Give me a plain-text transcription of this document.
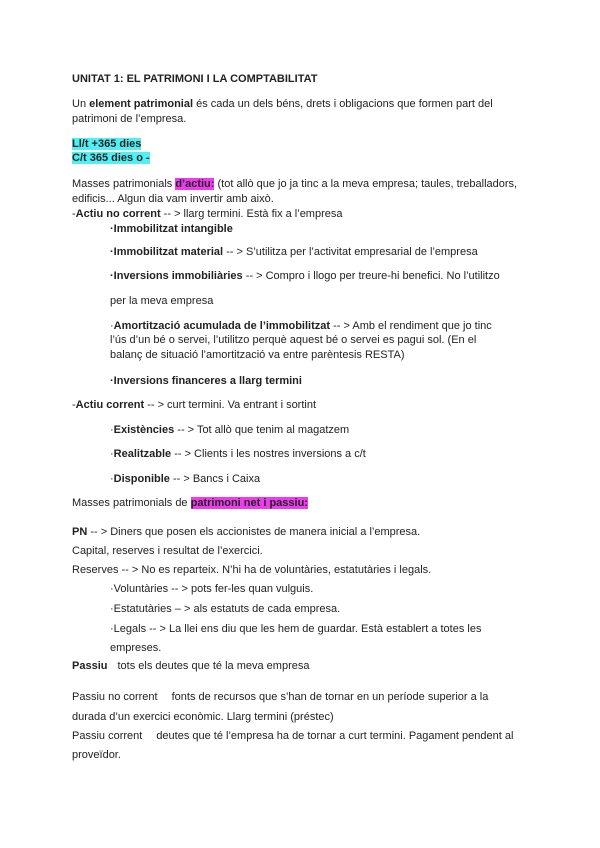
UNITAT 1: EL PATRIMONI I LA COMPTABILITAT
Un element patrimonial és cada un dels béns, drets i obligacions que formen part del
patrimoni de l’empresa.
Ll/t +365 dies
C/t 365 dies o -
Masses patrimonials d’actiu: (tot allò que jo ja tinc a la meva empresa; taules, treballadors,
edificis... Algun dia vam invertir amb això.
-Actiu no corrent -- > llarg termini. Està fix a l’empresa
·Immobilitzat intangible
·Immobilitzat material -- > S’utilitza per l’activitat empresarial de l’empresa
·Inversions immobiliàries -- > Compro i llogo per treure-hi benefici. No l’utilitzo
per la meva empresa
·Amortització acumulada de l’immobilitzat -- > Amb el rendiment que jo tinc
l’ús d’un bé o servei, l’utilitzo perquè aquest bé o servei es pagui sol. (En el
balanç de situació l’amortització va entre parèntesis RESTA)
·Inversions financeres a llarg termini
-Actiu corrent -- > curt termini. Va entrant i sortint
·Existències -- > Tot allò que tenim al magatzem
·Realitzable -- > Clients i les nostres inversions a c/t
·Disponible -- > Bancs i Caixa
Masses patrimonials de patrimoni net i passiu:
PN -- > Diners que posen els accionistes de manera inicial a l’empresa.
Capital, reserves i resultat de l’exercici.
Reserves -- > No es reparteix. N’hi ha de voluntàries, estatutàries i legals.
·Voluntàries -- > pots fer-les quan vulguis.
·Estatutàries – > als estatuts de cada empresa.
·Legals -- > La llei ens diu que les hem de guardar. Està establert a totes les
empreses.
Passiu tots els deutes que té la meva empresa
Passiu no corrent fonts de recursos que s’han de tornar en un període superior a la
durada d’un exercici econòmic. Llarg termini (préstec)
Passiu corrent deutes que té l’empresa ha de tornar a curt termini. Pagament pendent al
proveïdor.
